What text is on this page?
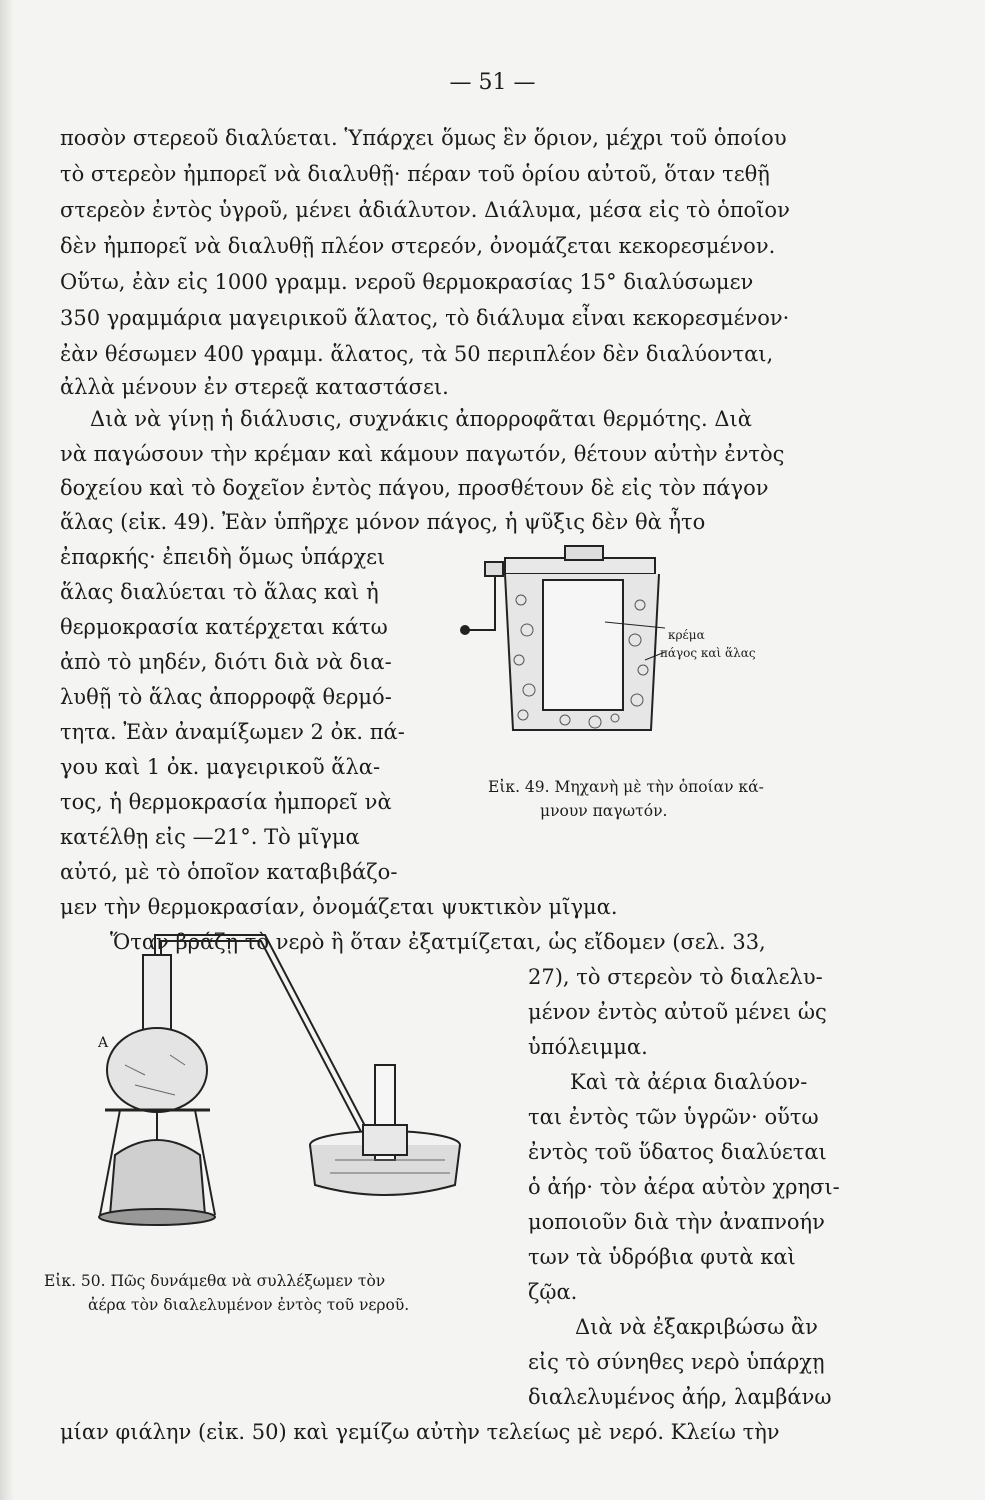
— 51 —
ποσὸν στερεοῦ διαλύεται. Ὑπάρχει ὅμως ἓν ὅριον, μέχρι τοῦ ὁποίου
τὸ στερεὸν ἠμπορεῖ νὰ διαλυθῇ· πέραν τοῦ ὁρίου αὐτοῦ, ὅταν τεθῇ
στερεὸν ἐντὸς ὑγροῦ, μένει ἀδιάλυτον. Διάλυμα, μέσα εἰς τὸ ὁποῖον
δὲν ἠμπορεῖ νὰ διαλυθῇ πλέον στερεόν, ὀνομάζεται κεκορεσμένον.
Οὕτω, ἐὰν εἰς 1000 γραμμ. νεροῦ θερμοκρασίας 15° διαλύσωμεν
350 γραμμάρια μαγειρικοῦ ἅλατος, τὸ διάλυμα εἶναι κεκορεσμένον·
ἐὰν θέσωμεν 400 γραμμ. ἅλατος, τὰ 50 περιπλέον δὲν διαλύονται,
ἀλλὰ μένουν ἐν στερεᾷ καταστάσει.
Διὰ νὰ γίνῃ ἡ διάλυσις, συχνάκις ἀπορροφᾶται θερμότης. Διὰ
νὰ παγώσουν τὴν κρέμαν καὶ κάμουν παγωτόν, θέτουν αὐτὴν ἐντὸς
δοχείου καὶ τὸ δοχεῖον ἐντὸς πάγου, προσθέτουν δὲ εἰς τὸν πάγον
ἅλας (εἰκ. 49). Ἐὰν ὑπῆρχε μόνον πάγος, ἡ ψῦξις δὲν θὰ ἦτο
ἐπαρκής· ἐπειδὴ ὅμως ὑπάρχει
ἅλας διαλύεται τὸ ἅλας καὶ ἡ
θερμοκρασία κατέρχεται κάτω
ἀπὸ τὸ μηδέν, διότι διὰ νὰ δια-
λυθῇ τὸ ἅλας ἀπορροφᾷ θερμό-
τητα. Ἐὰν ἀναμίξωμεν 2 ὀκ. πά-
γου καὶ 1 ὀκ. μαγειρικοῦ ἅλα-
τος, ἡ θερμοκρασία ἠμπορεῖ νὰ
κατέλθῃ εἰς —21°. Τὸ μῖγμα
αὐτό, μὲ τὸ ὁποῖον καταβιβάζο-
μεν τὴν θερμοκρασίαν, ὀνομάζεται ψυκτικὸν μῖγμα.
Ὅταν βράζῃ τὸ νερὸ ἢ ὅταν ἐξατμίζεται, ὡς εἴδομεν (σελ. 33,
27), τὸ στερεὸν τὸ διαλελυ-
μένον ἐντὸς αὐτοῦ μένει ὡς
ὑπόλειμμα.
Καὶ τὰ ἀέρια διαλύον-
ται ἐντὸς τῶν ὑγρῶν· οὕτω
ἐντὸς τοῦ ὕδατος διαλύεται
ὁ ἀήρ· τὸν ἀέρα αὐτὸν χρησι-
μοποιοῦν διὰ τὴν ἀναπνοήν
των τὰ ὑδρόβια φυτὰ καὶ
ζῷα.
Διὰ νὰ ἐξακριβώσω ἂν
εἰς τὸ σύνηθες νερὸ ὑπάρχῃ
διαλελυμένος ἀήρ, λαμβάνω
μίαν φιάλην (εἰκ. 50) καὶ γεμίζω αὐτὴν τελείως μὲ νερό. Κλείω τὴν
κρέμα
πάγος καὶ ἅλας
Εἰκ. 49. Μηχανὴ μὲ τὴν ὁποίαν κά-
μνουν παγωτόν.
A
Εἰκ. 50. Πῶς δυνάμεθα νὰ συλλέξωμεν τὸν
ἀέρα τὸν διαλελυμένον ἐντὸς τοῦ νεροῦ.
